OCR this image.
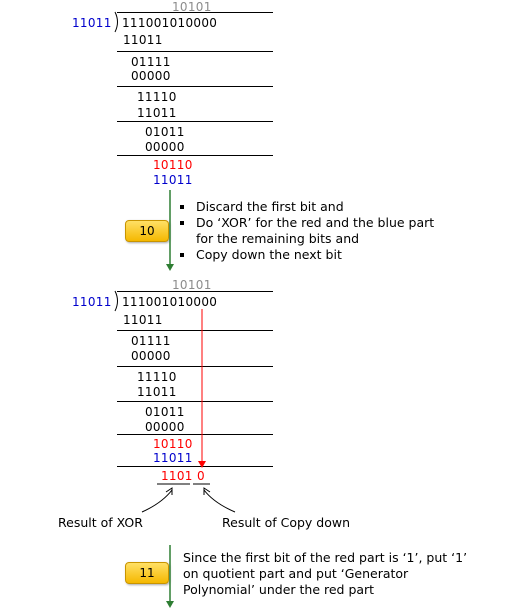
10101
11011 111001010000
11011
01111
00000
11110
11011
01011
00000
10110
11011
10
Discard the first bit and
Do ‘XOR’ for the red and the blue part for the remaining bits and
Copy down the next bit
10101
11011 111001010000
11011
01111
00000
11110
11011
01011
00000
10110
11011
1101 0
Result of XOR	Result of Copy down
11
Since the first bit of the red part is ‘1’, put ‘1’ on quotient part and put ‘Generator Polynomial’ under the red part
